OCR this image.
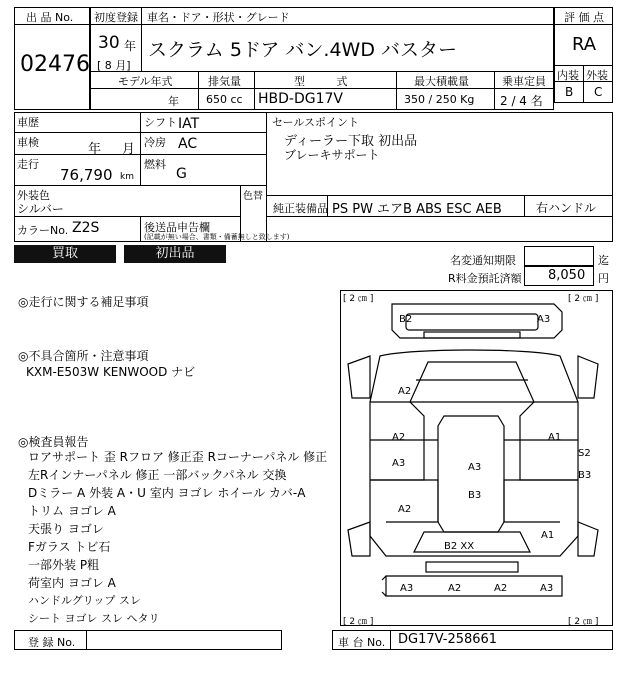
出 品 No.
02476
初度登録 車名・ドア・形状・グレード
30 年
[ 8 月]
スクラム 5ドア バン.4WD バスター
評 価 点
RA
内装 外装
B C
モデル年式	排気量	型 式	最大積載量	乗車定員
年 650 cc HBD-DG17V	350 / 250 Kg 2 / 4 名
車歴	シフト IAT	セールスポイント
ディーラー下取 初出品
ブレーキサポート
車検	年 月 冷房 AC
走行
76,790 km
燃料
G
外装色
シルバー
色替
純正装備品 PS PW エアB ABS ESC AEB	右ハンドル
カラーNo. Z2S	後送品申告欄
(記載が無い場合、書類・備蓄無しと致します)
買取	初出品	名変通知期限	迄
R料金預託済額 8,050 円
◎走行に関する補足事項
◎不具合箇所・注意事項
KXM-E503W KENWOOD ナビ
◎検査員報告
ロアサポート 歪 Rフロア 修正歪 Rコーナーパネル 修正
左Rインナーパネル 修正 一部バックパネル 交換
Dミラー A 外装 A・U 室内 ヨゴレ ホイール カバ-A
トリム ヨゴレ A
天張り ヨゴレ
Fガラス トビ石
一部外装 P粗
荷室内 ヨゴレ A
ハンドルグリップ スレ
シート ヨゴレ スレ ヘタリ
[ 2 ㎝ ]	[ 2 ㎝ ]
[ 2 ㎝ ]	[ 2 ㎝ ]
B2	A3
A2
A2	A1
A3	A3
S2
B3
B3
A2
A1
B2 XX
A3	A2	A2	A3
登 録 No.	車 台 No. DG17V-258661
